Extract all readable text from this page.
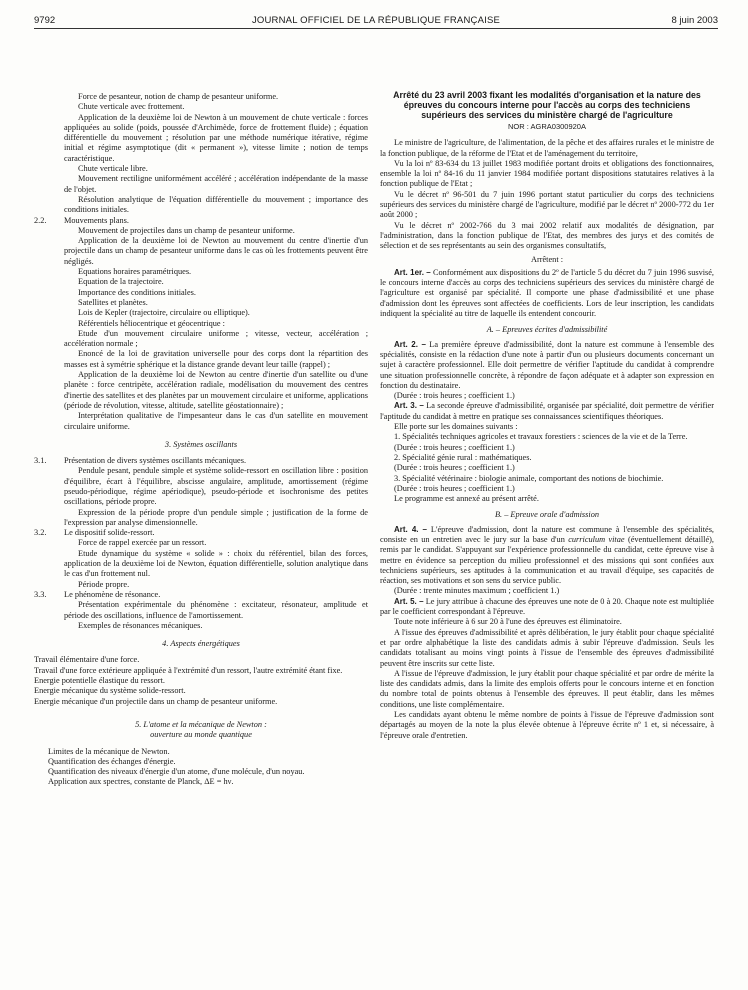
9792	JOURNAL OFFICIEL DE LA RÉPUBLIQUE FRANÇAISE	8 juin 2003

Force de pesanteur, notion de champ de pesanteur uniforme.

Chute verticale avec frottement.

Application de la deuxième loi de Newton à un mouvement de chute verticale : forces appliquées au solide (poids, poussée d'Archimède, force de frottement fluide) ; équation différentielle du mouvement ; résolution par une méthode numérique itérative, régime initial et régime asymptotique (dit « permanent »), vitesse limite ; notion de temps caractéristique.

Chute verticale libre.

Mouvement rectiligne uniformément accéléré ; accélération indépendante de la masse de l'objet.

Résolution analytique de l'équation différentielle du mouvement ; importance des conditions initiales.

2.2. Mouvements plans.

Mouvement de projectiles dans un champ de pesanteur uniforme.

Application de la deuxième loi de Newton au mouvement du centre d'inertie d'un projectile dans un champ de pesanteur uniforme dans le cas où les frottements peuvent être négligés.

Equations horaires paramétriques.

Equation de la trajectoire.

Importance des conditions initiales.

Satellites et planètes.

Lois de Kepler (trajectoire, circulaire ou elliptique).

Référentiels héliocentrique et géocentrique :

Etude d'un mouvement circulaire uniforme ; vitesse, vecteur, accélération ; accélération normale ;

Enoncé de la loi de gravitation universelle pour des corps dont la répartition des masses est à symétrie sphérique et la distance grande devant leur taille (rappel) ;

Application de la deuxième loi de Newton au centre d'inertie d'un satellite ou d'une planète : force centripète, accélération radiale, modélisation du mouvement des centres d'inertie des satellites et des planètes par un mouvement circulaire et uniforme, applications (période de révolution, vitesse, altitude, satellite géostationnaire) ;

Interprétation qualitative de l'impesanteur dans le cas d'un satellite en mouvement circulaire uniforme.

3. Systèmes oscillants

3.1. Présentation de divers systèmes oscillants mécaniques.

Pendule pesant, pendule simple et système solide-ressort en oscillation libre : position d'équilibre, écart à l'équilibre, abscisse angulaire, amplitude, amortissement (régime pseudo-périodique, régime apériodique), pseudo-période et isochronisme des petites oscillations, période propre.

Expression de la période propre d'un pendule simple ; justification de la forme de l'expression par analyse dimensionnelle.

3.2. Le dispositif solide-ressort.

Force de rappel exercée par un ressort.

Etude dynamique du système « solide » : choix du référentiel, bilan des forces, application de la deuxième loi de Newton, équation différentielle, solution analytique dans le cas d'un frottement nul.

Période propre.

3.3. Le phénomène de résonance.

Présentation expérimentale du phénomène : excitateur, résonateur, amplitude et période des oscillations, influence de l'amortissement.

Exemples de résonances mécaniques.

4. Aspects énergétiques

Travail élémentaire d'une force.

Travail d'une force extérieure appliquée à l'extrémité d'un ressort, l'autre extrémité étant fixe.

Energie potentielle élastique du ressort.

Energie mécanique du système solide-ressort.

Energie mécanique d'un projectile dans un champ de pesanteur uniforme.

5. L'atome et la mécanique de Newton :
ouverture au monde quantique

Limites de la mécanique de Newton.

Quantification des échanges d'énergie.

Quantification des niveaux d'énergie d'un atome, d'une molécule, d'un noyau.

Application aux spectres, constante de Planck, ΔE = hν.

Arrêté du 23 avril 2003 fixant les modalités d'organisation et la nature des épreuves du concours interne pour l'accès au corps des techniciens supérieurs des services du ministère chargé de l'agriculture

NOR : AGRA0300920A

Le ministre de l'agriculture, de l'alimentation, de la pêche et des affaires rurales et le ministre de la fonction publique, de la réforme de l'Etat et de l'aménagement du territoire,

Vu la loi nº 83-634 du 13 juillet 1983 modifiée portant droits et obligations des fonctionnaires, ensemble la loi nº 84-16 du 11 janvier 1984 modifiée portant dispositions statutaires relatives à la fonction publique de l'Etat ;

Vu le décret nº 96-501 du 7 juin 1996 portant statut particulier du corps des techniciens supérieurs des services du ministère chargé de l'agriculture, modifié par le décret nº 2000-772 du 1er août 2000 ;

Vu le décret nº 2002-766 du 3 mai 2002 relatif aux modalités de désignation, par l'administration, dans la fonction publique de l'Etat, des membres des jurys et des comités de sélection et de ses représentants au sein des organismes consultatifs,

Arrêtent :

Art. 1er. – Conformément aux dispositions du 2º de l'article 5 du décret du 7 juin 1996 susvisé, le concours interne d'accès au corps des techniciens supérieurs des services du ministère chargé de l'agriculture est organisé par spécialité. Il comporte une phase d'admissibilité et une phase d'admission dont les épreuves sont affectées de coefficients. Lors de leur inscription, les candidats indiquent la spécialité au titre de laquelle ils entendent concourir.

A. – Epreuves écrites d'admissibilité

Art. 2. – La première épreuve d'admissibilité, dont la nature est commune à l'ensemble des spécialités, consiste en la rédaction d'une note à partir d'un ou plusieurs documents concernant un sujet à caractère professionnel. Elle doit permettre de vérifier l'aptitude du candidat à comprendre une situation professionnelle concrète, à répondre de façon adéquate et à adapter son expression en fonction du destinataire.

(Durée : trois heures ; coefficient 1.)

Art. 3. – La seconde épreuve d'admissibilité, organisée par spécialité, doit permettre de vérifier l'aptitude du candidat à mettre en pratique ses connaissances scientifiques théoriques.

Elle porte sur les domaines suivants :

1. Spécialités techniques agricoles et travaux forestiers : sciences de la vie et de la Terre.

(Durée : trois heures ; coefficient 1.)

2. Spécialité génie rural : mathématiques.

(Durée : trois heures ; coefficient 1.)

3. Spécialité vétérinaire : biologie animale, comportant des notions de biochimie.

(Durée : trois heures ; coefficient 1.)

Le programme est annexé au présent arrêté.

B. – Epreuve orale d'admission

Art. 4. – L'épreuve d'admission, dont la nature est commune à l'ensemble des spécialités, consiste en un entretien avec le jury sur la base d'un curriculum vitae (éventuellement détaillé), remis par le candidat. S'appuyant sur l'expérience professionnelle du candidat, cette épreuve vise à mettre en évidence sa perception du milieu professionnel et des missions qui sont confiées aux techniciens supérieurs, ses aptitudes à la communication et au travail d'équipe, ses capacités de réaction, ses motivations et son sens du service public.

(Durée : trente minutes maximum ; coefficient 1.)

Art. 5. – Le jury attribue à chacune des épreuves une note de 0 à 20. Chaque note est multipliée par le coefficient correspondant à l'épreuve.

Toute note inférieure à 6 sur 20 à l'une des épreuves est éliminatoire.

A l'issue des épreuves d'admissibilité et après délibération, le jury établit pour chaque spécialité et par ordre alphabétique la liste des candidats admis à subir l'épreuve d'admission. Seuls les candidats totalisant au moins vingt points à l'issue de l'ensemble des épreuves d'admissibilité peuvent être inscrits sur cette liste.

A l'issue de l'épreuve d'admission, le jury établit pour chaque spécialité et par ordre de mérite la liste des candidats admis, dans la limite des emplois offerts pour le concours interne et en fonction du nombre total de points obtenus à l'ensemble des épreuves. Il peut établir, dans les mêmes conditions, une liste complémentaire.

Les candidats ayant obtenu le même nombre de points à l'issue de l'épreuve d'admission sont départagés au moyen de la note la plus élevée obtenue à l'épreuve écrite nº 1 et, si nécessaire, à l'épreuve orale d'entretien.
